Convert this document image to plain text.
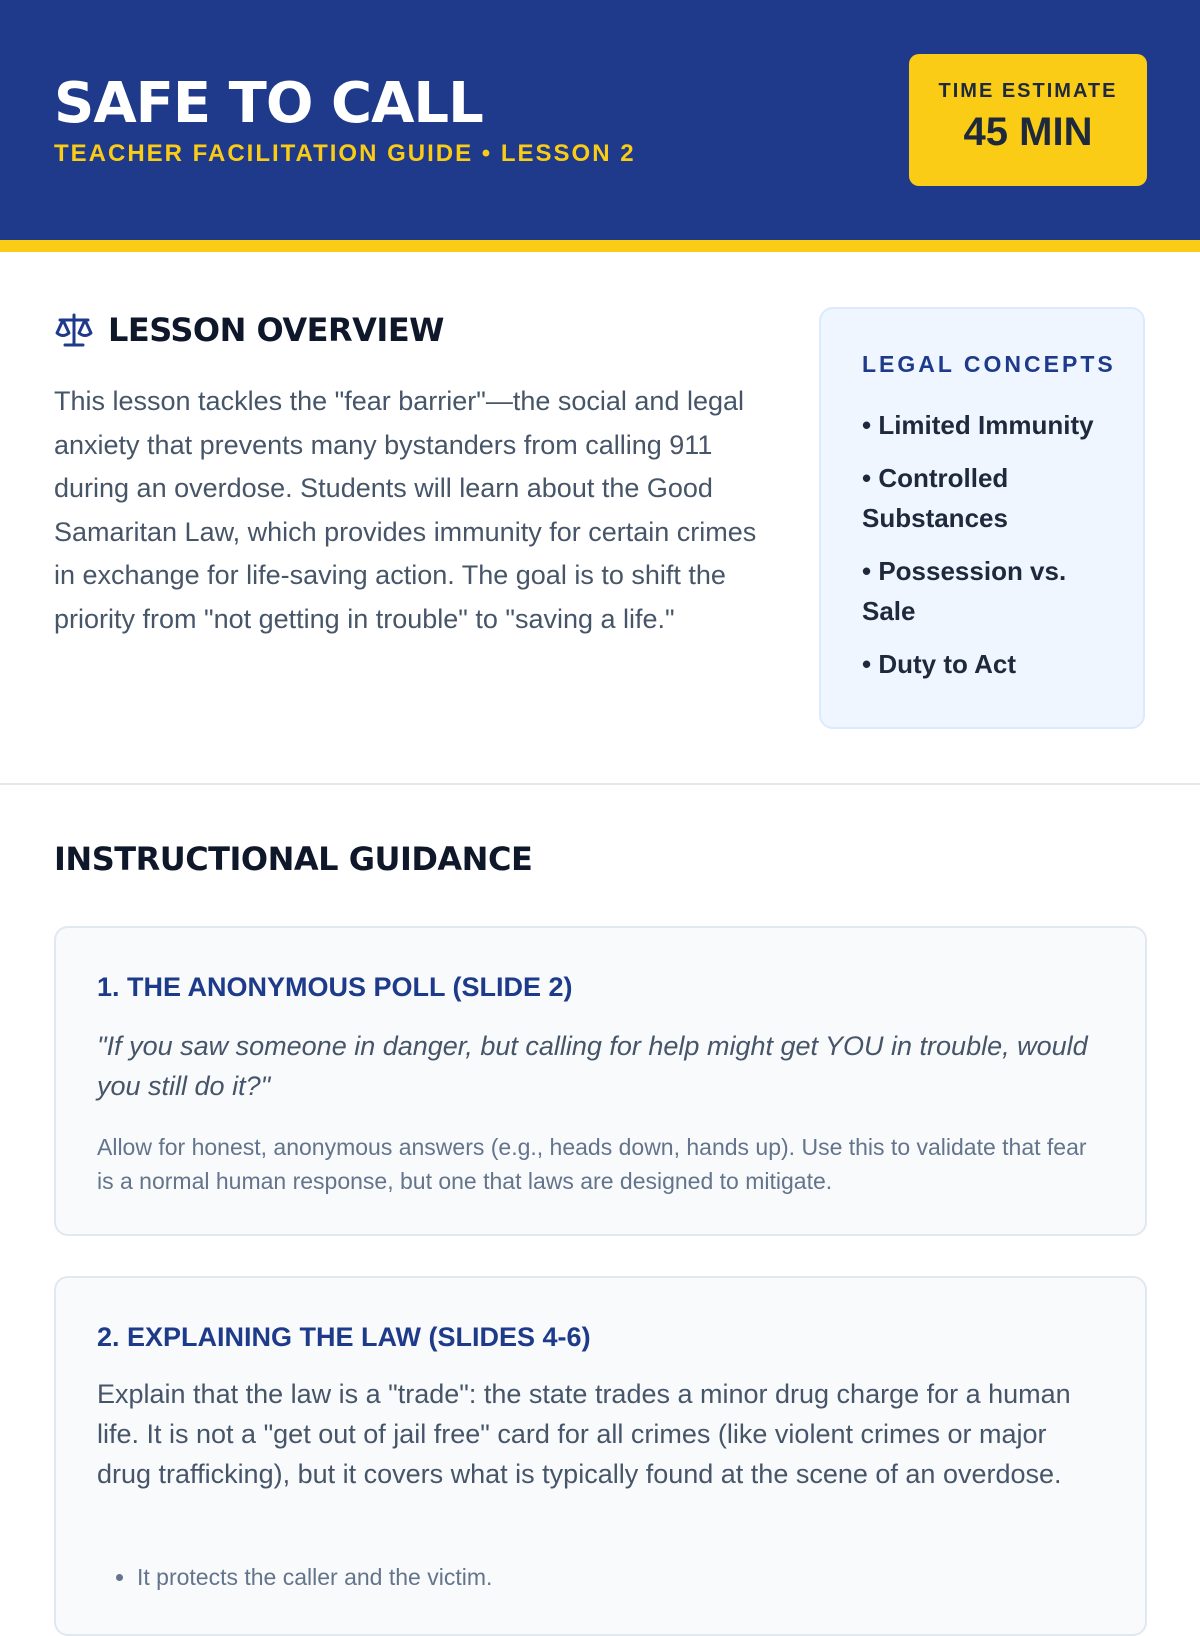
SAFE TO CALL
TEACHER FACILITATION GUIDE • LESSON 2
TIME ESTIMATE
45 MIN
LESSON OVERVIEW

This lesson tackles the "fear barrier"—the social and legal anxiety that prevents many bystanders from calling 911 during an overdose. Students will learn about the Good Samaritan Law, which provides immunity for certain crimes in exchange for life-saving action. The goal is to shift the priority from "not getting in trouble" to "saving a life."

LEGAL CONCEPTS
• Limited Immunity
• Controlled Substances
• Possession vs. Sale
• Duty to Act
INSTRUCTIONAL GUIDANCE
1. THE ANONYMOUS POLL (SLIDE 2)

"If you saw someone in danger, but calling for help might get YOU in trouble, would you still do it?"

Allow for honest, anonymous answers (e.g., heads down, hands up). Use this to validate that fear is a normal human response, but one that laws are designed to mitigate.

2. EXPLAINING THE LAW (SLIDES 4-6)

Explain that the law is a "trade": the state trades a minor drug charge for a human life. It is not a "get out of jail free" card for all crimes (like violent crimes or major drug trafficking), but it covers what is typically found at the scene of an overdose.

• It protects the caller and the victim.
